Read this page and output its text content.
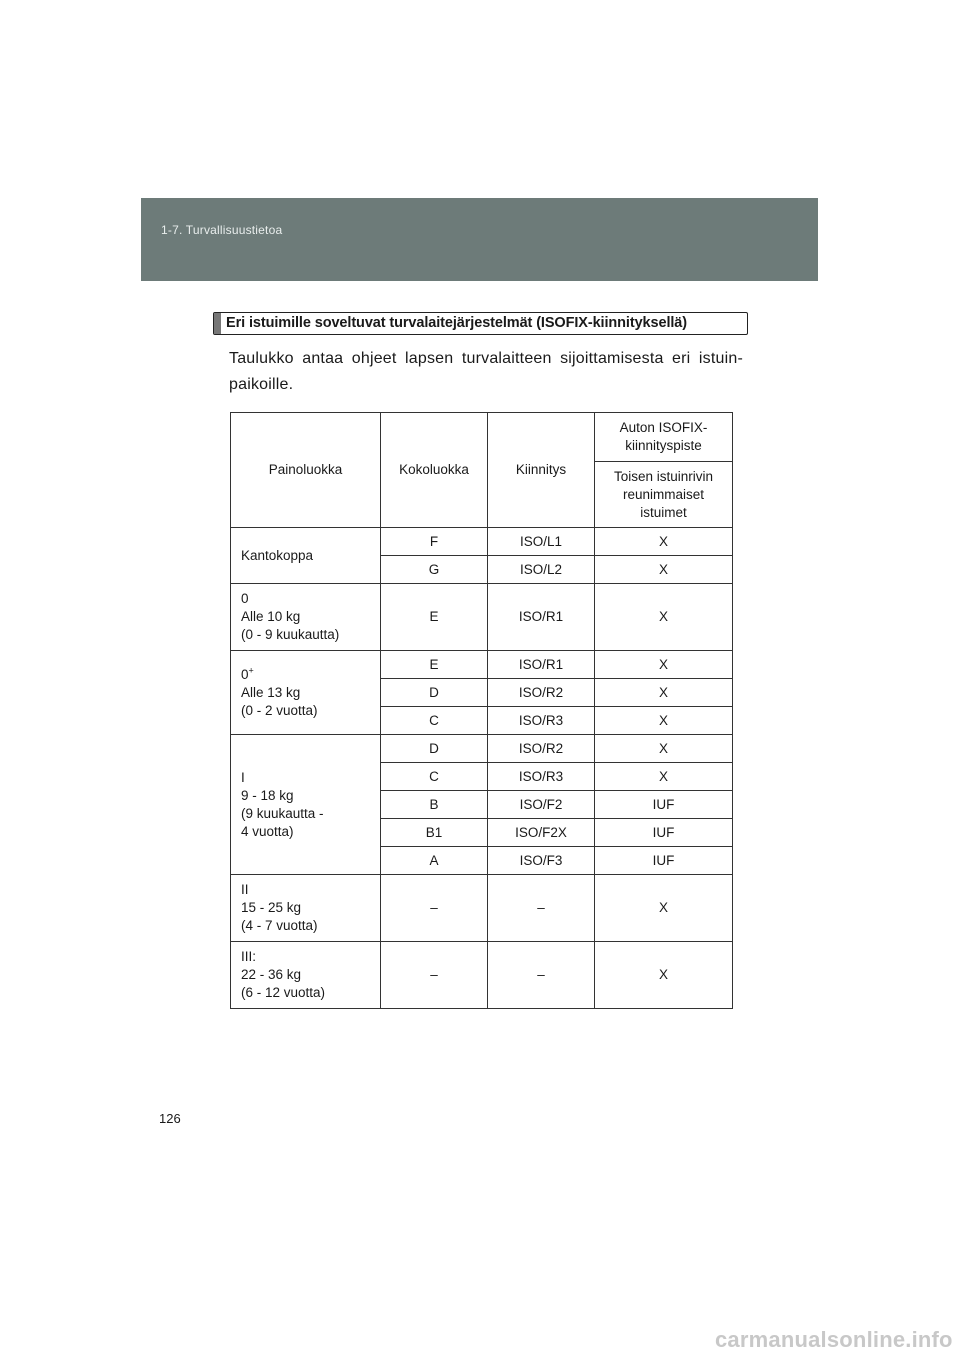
1-7. Turvallisuustietoa
Eri istuimille soveltuvat turvalaitejärjestelmät (ISOFIX-kiinnityksellä)
Taulukko antaa ohjeet lapsen turvalaitteen sijoittamisesta eri istuin-paikoille.
Painoluokka	Kokoluokka	Kiinnitys	Auton ISOFIX-kiinnityspiste
			Toisen istuinrivin reunimmaiset istuimet
Kantokoppa	F	ISO/L1	X
	G	ISO/L2	X
0
Alle 10 kg
(0 - 9 kuukautta)	E	ISO/R1	X
0+
Alle 13 kg
(0 - 2 vuotta)	E	ISO/R1	X
	D	ISO/R2	X
	C	ISO/R3	X
I
9 - 18 kg
(9 kuukautta -
4 vuotta)	D	ISO/R2	X
	C	ISO/R3	X
	B	ISO/F2	IUF
	B1	ISO/F2X	IUF
	A	ISO/F3	IUF
II
15 - 25 kg
(4 - 7 vuotta)	–	–	X
III:
22 - 36 kg
(6 - 12 vuotta)	–	–	X
126
carmanualsonline.info
